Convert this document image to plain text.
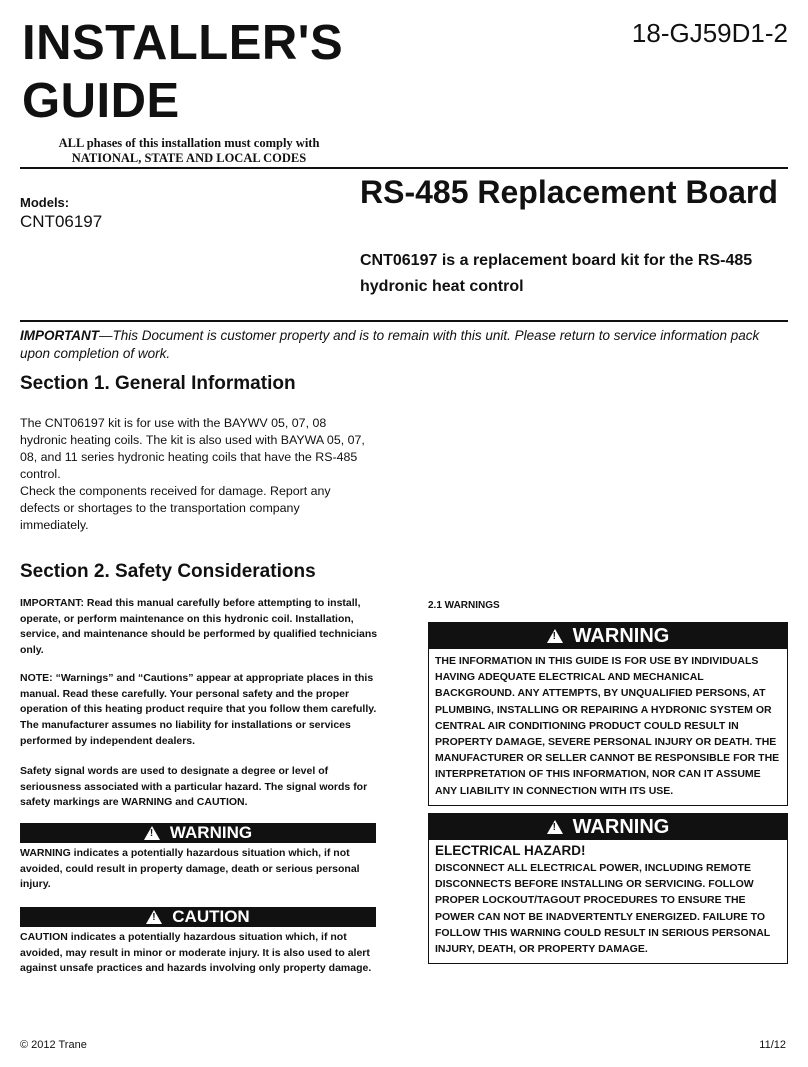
INSTALLER'S
GUIDE
18-GJ59D1-2
ALL phases of this installation must comply with
NATIONAL, STATE AND LOCAL CODES
Models:
CNT06197
RS-485 Replacement Board
CNT06197 is a replacement board kit for the RS-485 hydronic heat control
IMPORTANT—This Document is customer property and is to remain with this unit. Please return to service information pack upon completion of work.
Section 1. General Information
The CNT06197 kit is for use with the BAYWV 05, 07, 08 hydronic heating coils. The kit is also used with BAYWA 05, 07, 08, and 11 series hydronic heating coils that have the RS-485 control.
Check the components received for damage. Report any defects or shortages to the transportation company immediately.
Section 2. Safety Considerations
IMPORTANT: Read this manual carefully before attempting to install, operate, or perform maintenance on this hydronic coil. Installation, service, and maintenance should be performed by qualified technicians only.
NOTE: “Warnings” and “Cautions” appear at appropriate places in this manual. Read these carefully. Your personal safety and the proper operation of this heating product require that you follow them carefully. The manufacturer assumes no liability for installations or services performed by independent dealers.
Safety signal words are used to designate a degree or level of seriousness associated with a particular hazard. The signal words for safety markings are WARNING and CAUTION.
!
WARNING
WARNING indicates a potentially hazardous situation which, if not avoided, could result in property damage, death or serious personal injury.
!
CAUTION
CAUTION indicates a potentially hazardous situation which, if not avoided, may result in minor or moderate injury. It is also used to alert against unsafe practices and hazards involving only property damage.
2.1 WARNINGS
!
WARNING
THE INFORMATION IN THIS GUIDE IS FOR USE BY INDIVIDUALS HAVING ADEQUATE ELECTRICAL AND MECHANICAL BACKGROUND. ANY ATTEMPTS, BY UNQUALIFIED PERSONS, AT PLUMBING, INSTALLING OR REPAIRING A HYDRONIC SYSTEM OR CENTRAL AIR CONDITIONING PRODUCT COULD RESULT IN PROPERTY DAMAGE, SEVERE PERSONAL INJURY OR DEATH. THE MANUFACTURER OR SELLER CANNOT BE RESPONSIBLE FOR THE INTERPRETATION OF THIS INFORMATION, NOR CAN IT ASSUME ANY LIABILITY IN CONNECTION WITH ITS USE.
!
WARNING
ELECTRICAL HAZARD!
DISCONNECT ALL ELECTRICAL POWER, INCLUDING REMOTE DISCONNECTS BEFORE INSTALLING OR SERVICING. FOLLOW PROPER LOCKOUT/TAGOUT PROCEDURES TO ENSURE THE POWER CAN NOT BE INADVERTENTLY ENERGIZED. FAILURE TO FOLLOW THIS WARNING COULD RESULT IN SERIOUS PERSONAL INJURY, DEATH, OR PROPERTY DAMAGE.
© 2012 Trane	11/12
